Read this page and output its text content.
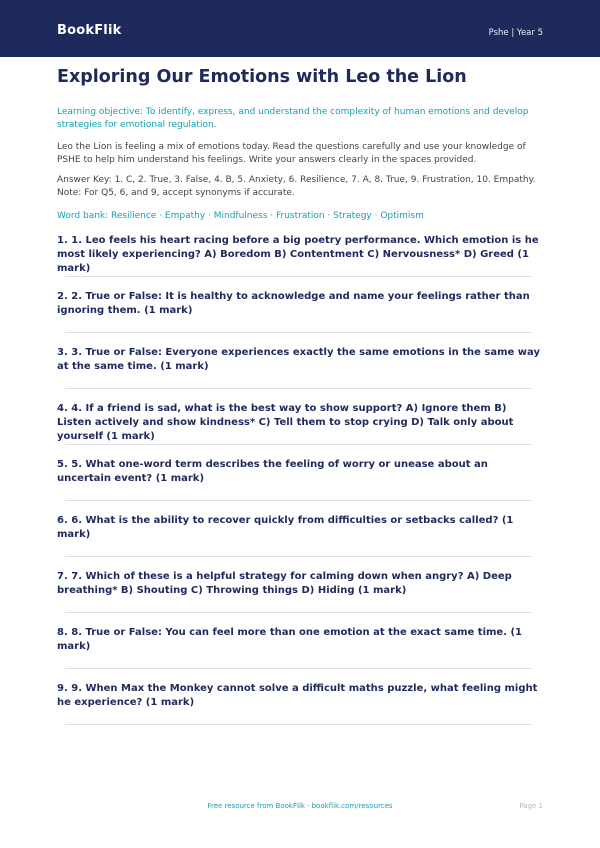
BookFlik	Pshe | Year 5
Exploring Our Emotions with Leo the Lion
Learning objective: To identify, express, and understand the complexity of human emotions and develop strategies for emotional regulation.
Leo the Lion is feeling a mix of emotions today. Read the questions carefully and use your knowledge of PSHE to help him understand his feelings. Write your answers clearly in the spaces provided.
Answer Key: 1. C, 2. True, 3. False, 4. B, 5. Anxiety, 6. Resilience, 7. A, 8. True, 9. Frustration, 10. Empathy. Note: For Q5, 6, and 9, accept synonyms if accurate.
Word bank: Resilience · Empathy · Mindfulness · Frustration · Strategy · Optimism
1. 1. Leo feels his heart racing before a big poetry performance. Which emotion is he most likely experiencing? A) Boredom B) Contentment C) Nervousness* D) Greed (1 mark)
2. 2. True or False: It is healthy to acknowledge and name your feelings rather than ignoring them. (1 mark)
3. 3. True or False: Everyone experiences exactly the same emotions in the same way at the same time. (1 mark)
4. 4. If a friend is sad, what is the best way to show support? A) Ignore them B) Listen actively and show kindness* C) Tell them to stop crying D) Talk only about yourself (1 mark)
5. 5. What one-word term describes the feeling of worry or unease about an uncertain event? (1 mark)
6. 6. What is the ability to recover quickly from difficulties or setbacks called? (1 mark)
7. 7. Which of these is a helpful strategy for calming down when angry? A) Deep breathing* B) Shouting C) Throwing things D) Hiding (1 mark)
8. 8. True or False: You can feel more than one emotion at the exact same time. (1 mark)
9. 9. When Max the Monkey cannot solve a difficult maths puzzle, what feeling might he experience? (1 mark)
Free resource from BookFlik · bookflik.com/resources	Page 1
